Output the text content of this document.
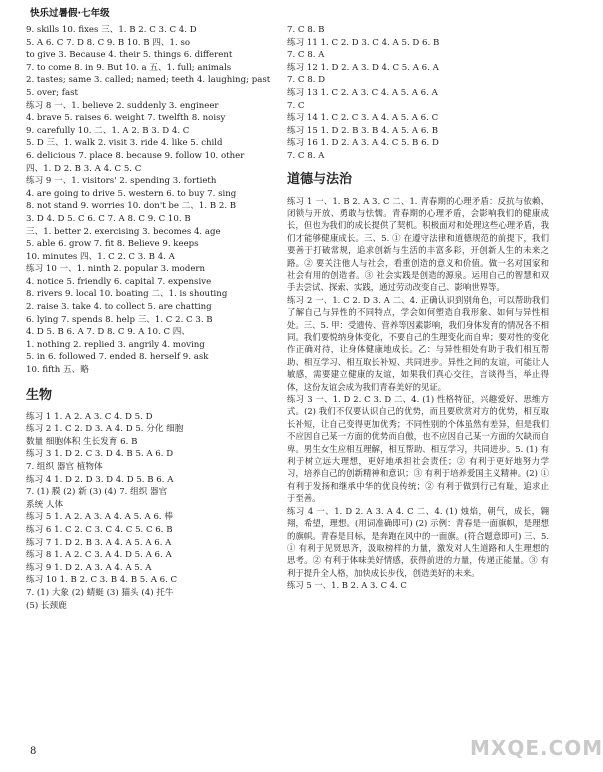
快乐过暑假·七年级
9. skills 10. fixes 三、1. B 2. C 3. C 4. D
5. A 6. C 7. D 8. C 9. B 10. B 四、1. so
to give 3. Because 4. their 5. things 6. different
7. to come 8. in 9. But 10. a 五、1. full; animals
2. tastes; same 3. called; named; teeth 4. laughing; past
5. over; fast
练习 8 一、1. believe 2. suddenly 3. engineer
4. brave 5. raises 6. weight 7. twelfth 8. noisy
9. carefully 10. 二、1. A 2. B 3. D 4. C
5. D 三、1. walk 2. visit 3. ride 4. like 5. child
6. delicious 7. place 8. because 9. follow 10. other
四、1. D 2. B 3. A 4. C 5. C
练习 9 一、1. visitors' 2. spending 3. fortieth
4. are going to drive 5. western 6. to buy 7. sing
8. not stand 9. worries 10. don't be 二、1. B 2. B
3. D 4. D 5. C 6. C 7. A 8. C 9. C 10. B
三、1. better 2. exercising 3. becomes 4. age
5. able 6. grow 7. fit 8. Believe 9. keeps
10. minutes 四、1. C 2. C 3. B 4. A
练习 10 一、1. ninth 2. popular 3. modern
4. notice 5. friendly 6. capital 7. expensive
8. rivers 9. local 10. boating 二、1. is shouting
2. raise 3. take 4. to collect 5. are chatting
6. lying 7. spends 8. help 三、1. C 2. C 3. B
4. D 5. B 6. A 7. D 8. C 9. A 10. C 四、
1. nothing 2. replied 3. angrily 4. moving
5. in 6. followed 7. ended 8. herself 9. ask
10. fifth 五、略
生物
练习 1 1. A 2. A 3. C 4. D 5. D
练习 2 1. C 2. D 3. A 4. D 5. 分化 细胞
数量 细胞体积 生长发育 6. B
练习 3 1. D 2. C 3. D 4. B 5. A 6. D
7. 组织 器官 植物体
练习 4 1. D 2. D 3. D 4. D 5. B 6. A
7. (1) 膜 (2) 新 (3) (4) 7. 组织 器官
系统 人体
练习 5 1. A 2. A 3. A 4. A 5. A 6. 棒
练习 6 1. C 2. C 3. C 4. C 5. C 6. B
练习 7 1. D 2. B 3. A 4. A 5. A 6. A
练习 8 1. A 2. C 3. A 4. D 5. A 6. A
练习 9 1. D 2. A 3. A 4. A 5. A
练习 10 1. B 2. C 3. B 4. B 5. A 6. C
7. (1) 大象 (2) 蜻蜓 (3) 猫头 (4) 托牛
(5) 长颈鹿
7. C 8. B
练习 11 1. C 2. D 3. C 4. A 5. D 6. B
7. C 8. A
练习 12 1. D 2. A 3. D 4. C 5. A 6. A
7. C 8. D
练习 13 1. C 2. A 3. C 4. A 5. A 6. A
7. C
练习 14 1. C 2. C 3. A 4. A 5. A 6. C
练习 15 1. D 2. B 3. B 4. A 5. A 6. B
练习 16 1. D 2. A 3. A 4. C 5. B 6. D
7. C 8. A
道德与法治
练习 1 一、1. B 2. A 3. C 二、1. 青春期的心理矛盾：反抗与依赖、闭锁与开放、勇敢与怯懦。青春期的心理矛盾，会影响我们的健康成长，但也为我们的成长提供了契机。积极面对和处理这些心理矛盾，我们才能够健康成长。三、5. ① 在遵守法律和道德规范的前提下，我们要善于打破常规，追求创新与生活的丰富多彩，开创新人生的未来之路。② 要关注他人与社会，看重创造的意义和价值。做一名对国家和社会有用的创造者。③ 社会实践是创造的源泉。运用自己的智慧和双手去尝试、探索、实践，通过劳动改变自己、影响世界等。
练习 2 一、1. C 2. D 3. A 二、4. 正确认识到别角色，可以帮助我们了解自己与异性的不同特点，学会如何塑造自我形象、如何与异性相处。三、5. 甲：受遗传、营养等因素影响，我们身体发育的情况各不相同。我们要悦纳身体变化，不要自己的生理变化而自卑；要对性的变化作正确对待，让身体健康地成长。乙：与异性相处有助于我们相互帮助、相互学习、相互取长补短、共同进步。异性之间的友谊，可能让人敏感，需要建立健康的友谊，如果我们真心交往，言谈得当，举止得体，这份友谊会成为我们青春美好的见证。
练习 3 一、1. D 2. C 3. D 二、4. (1) 性格特征，兴趣爱好、思维方式。(2) 我们不仅要认识自己的优势，而且要欣赏对方的优势，相互取长补短，让自己变得更加优秀；不同性别的个体虽然有差异，但是我们不应因自己某一方面的优势而自傲，也不应因自己某一方面的欠缺而自卑。男生女生应相互理解，相互帮助、相互学习，共同进步。5. (1) 有利于树立远大理想，更好地承担社会责任；② 有利于更好地努力学习，培养自己的创新精神和意识；③ 有利于培养爱国主义精神。(2) ① 有利于发扬和继承中华的优良传统；② 有利于做到行己有耻，追求止于至善。
练习 4 一、1. D 2. A 3. A 4. C 二、4. (1) 烛焰，朝气，成长，翱翔，希望，理想。(用词准确即可) (2) 示例：青春是一面旗帜，是理想的旗帜。青春是目标，是奔跑在风中的一面旗。(符合题意即可) 三、5. ① 有利于见贤思齐，汲取榜样的力量，激发对人生道路和人生理想的思考。② 有利于体味美好情感，获得前进的力量，传递正能量。③ 有利于提升全人格，加快成长步伐，创造美好的未来。
练习 5 一、1. B 2. A 3. C 4. C
8	MXQE.COM
